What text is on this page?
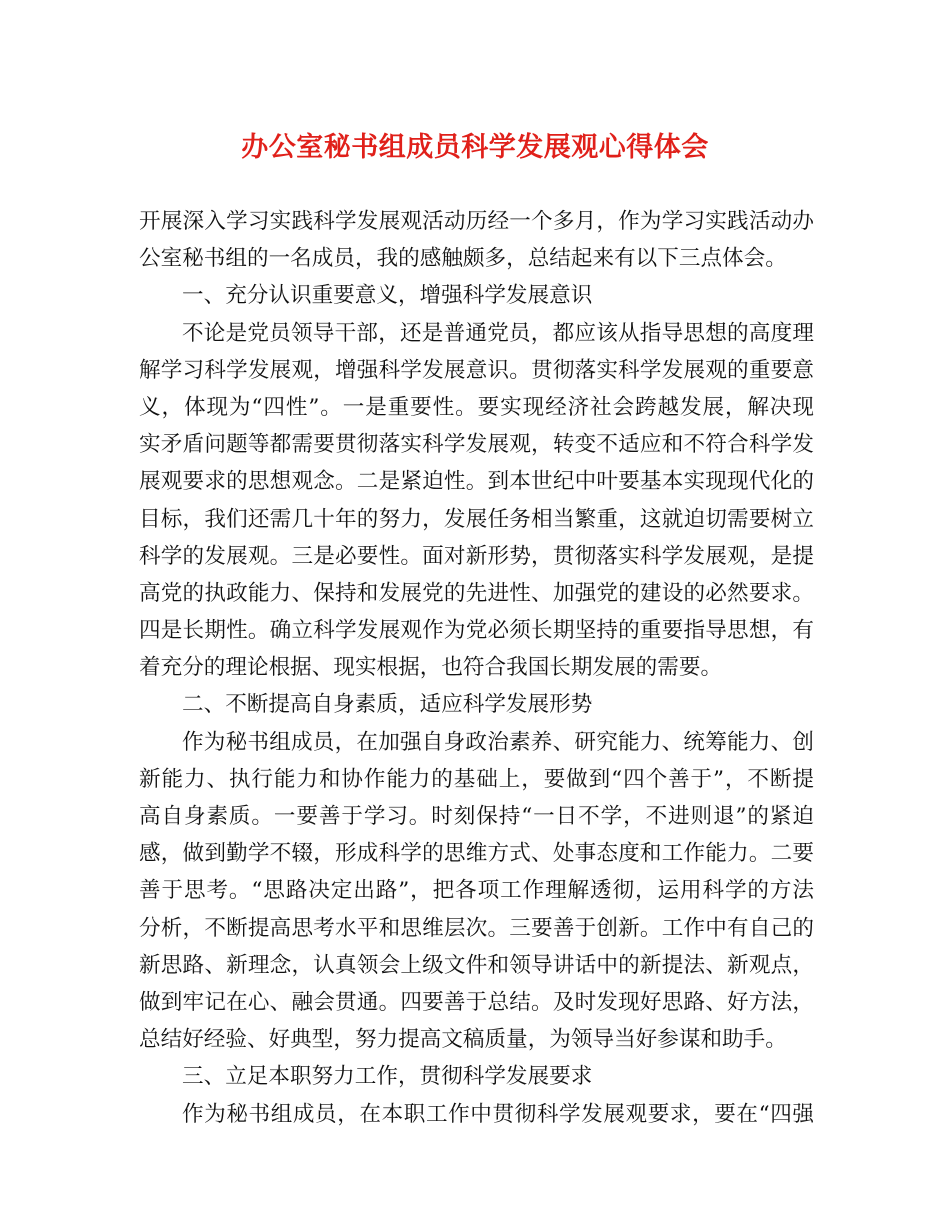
办公室秘书组成员科学发展观心得体会
开展深入学习实践科学发展观活动历经一个多月，作为学习实践活动办
公室秘书组的一名成员，我的感触颇多，总结起来有以下三点体会。
一、充分认识重要意义，增强科学发展意识
不论是党员领导干部，还是普通党员，都应该从指导思想的高度理
解学习科学发展观，增强科学发展意识。贯彻落实科学发展观的重要意
义，体现为“四性”。一是重要性。要实现经济社会跨越发展，解决现
实矛盾问题等都需要贯彻落实科学发展观，转变不适应和不符合科学发
展观要求的思想观念。二是紧迫性。到本世纪中叶要基本实现现代化的
目标，我们还需几十年的努力，发展任务相当繁重，这就迫切需要树立
科学的发展观。三是必要性。面对新形势，贯彻落实科学发展观，是提
高党的执政能力、保持和发展党的先进性、加强党的建设的必然要求。
四是长期性。确立科学发展观作为党必须长期坚持的重要指导思想，有
着充分的理论根据、现实根据，也符合我国长期发展的需要。
二、不断提高自身素质，适应科学发展形势
作为秘书组成员，在加强自身政治素养、研究能力、统筹能力、创
新能力、执行能力和协作能力的基础上，要做到“四个善于”，不断提
高自身素质。一要善于学习。时刻保持“一日不学，不进则退”的紧迫
感，做到勤学不辍，形成科学的思维方式、处事态度和工作能力。二要
善于思考。“思路决定出路”，把各项工作理解透彻，运用科学的方法
分析，不断提高思考水平和思维层次。三要善于创新。工作中有自己的
新思路、新理念，认真领会上级文件和领导讲话中的新提法、新观点，
做到牢记在心、融会贯通。四要善于总结。及时发现好思路、好方法，
总结好经验、好典型，努力提高文稿质量，为领导当好参谋和助手。
三、立足本职努力工作，贯彻科学发展要求
作为秘书组成员，在本职工作中贯彻科学发展观要求，要在“四强
